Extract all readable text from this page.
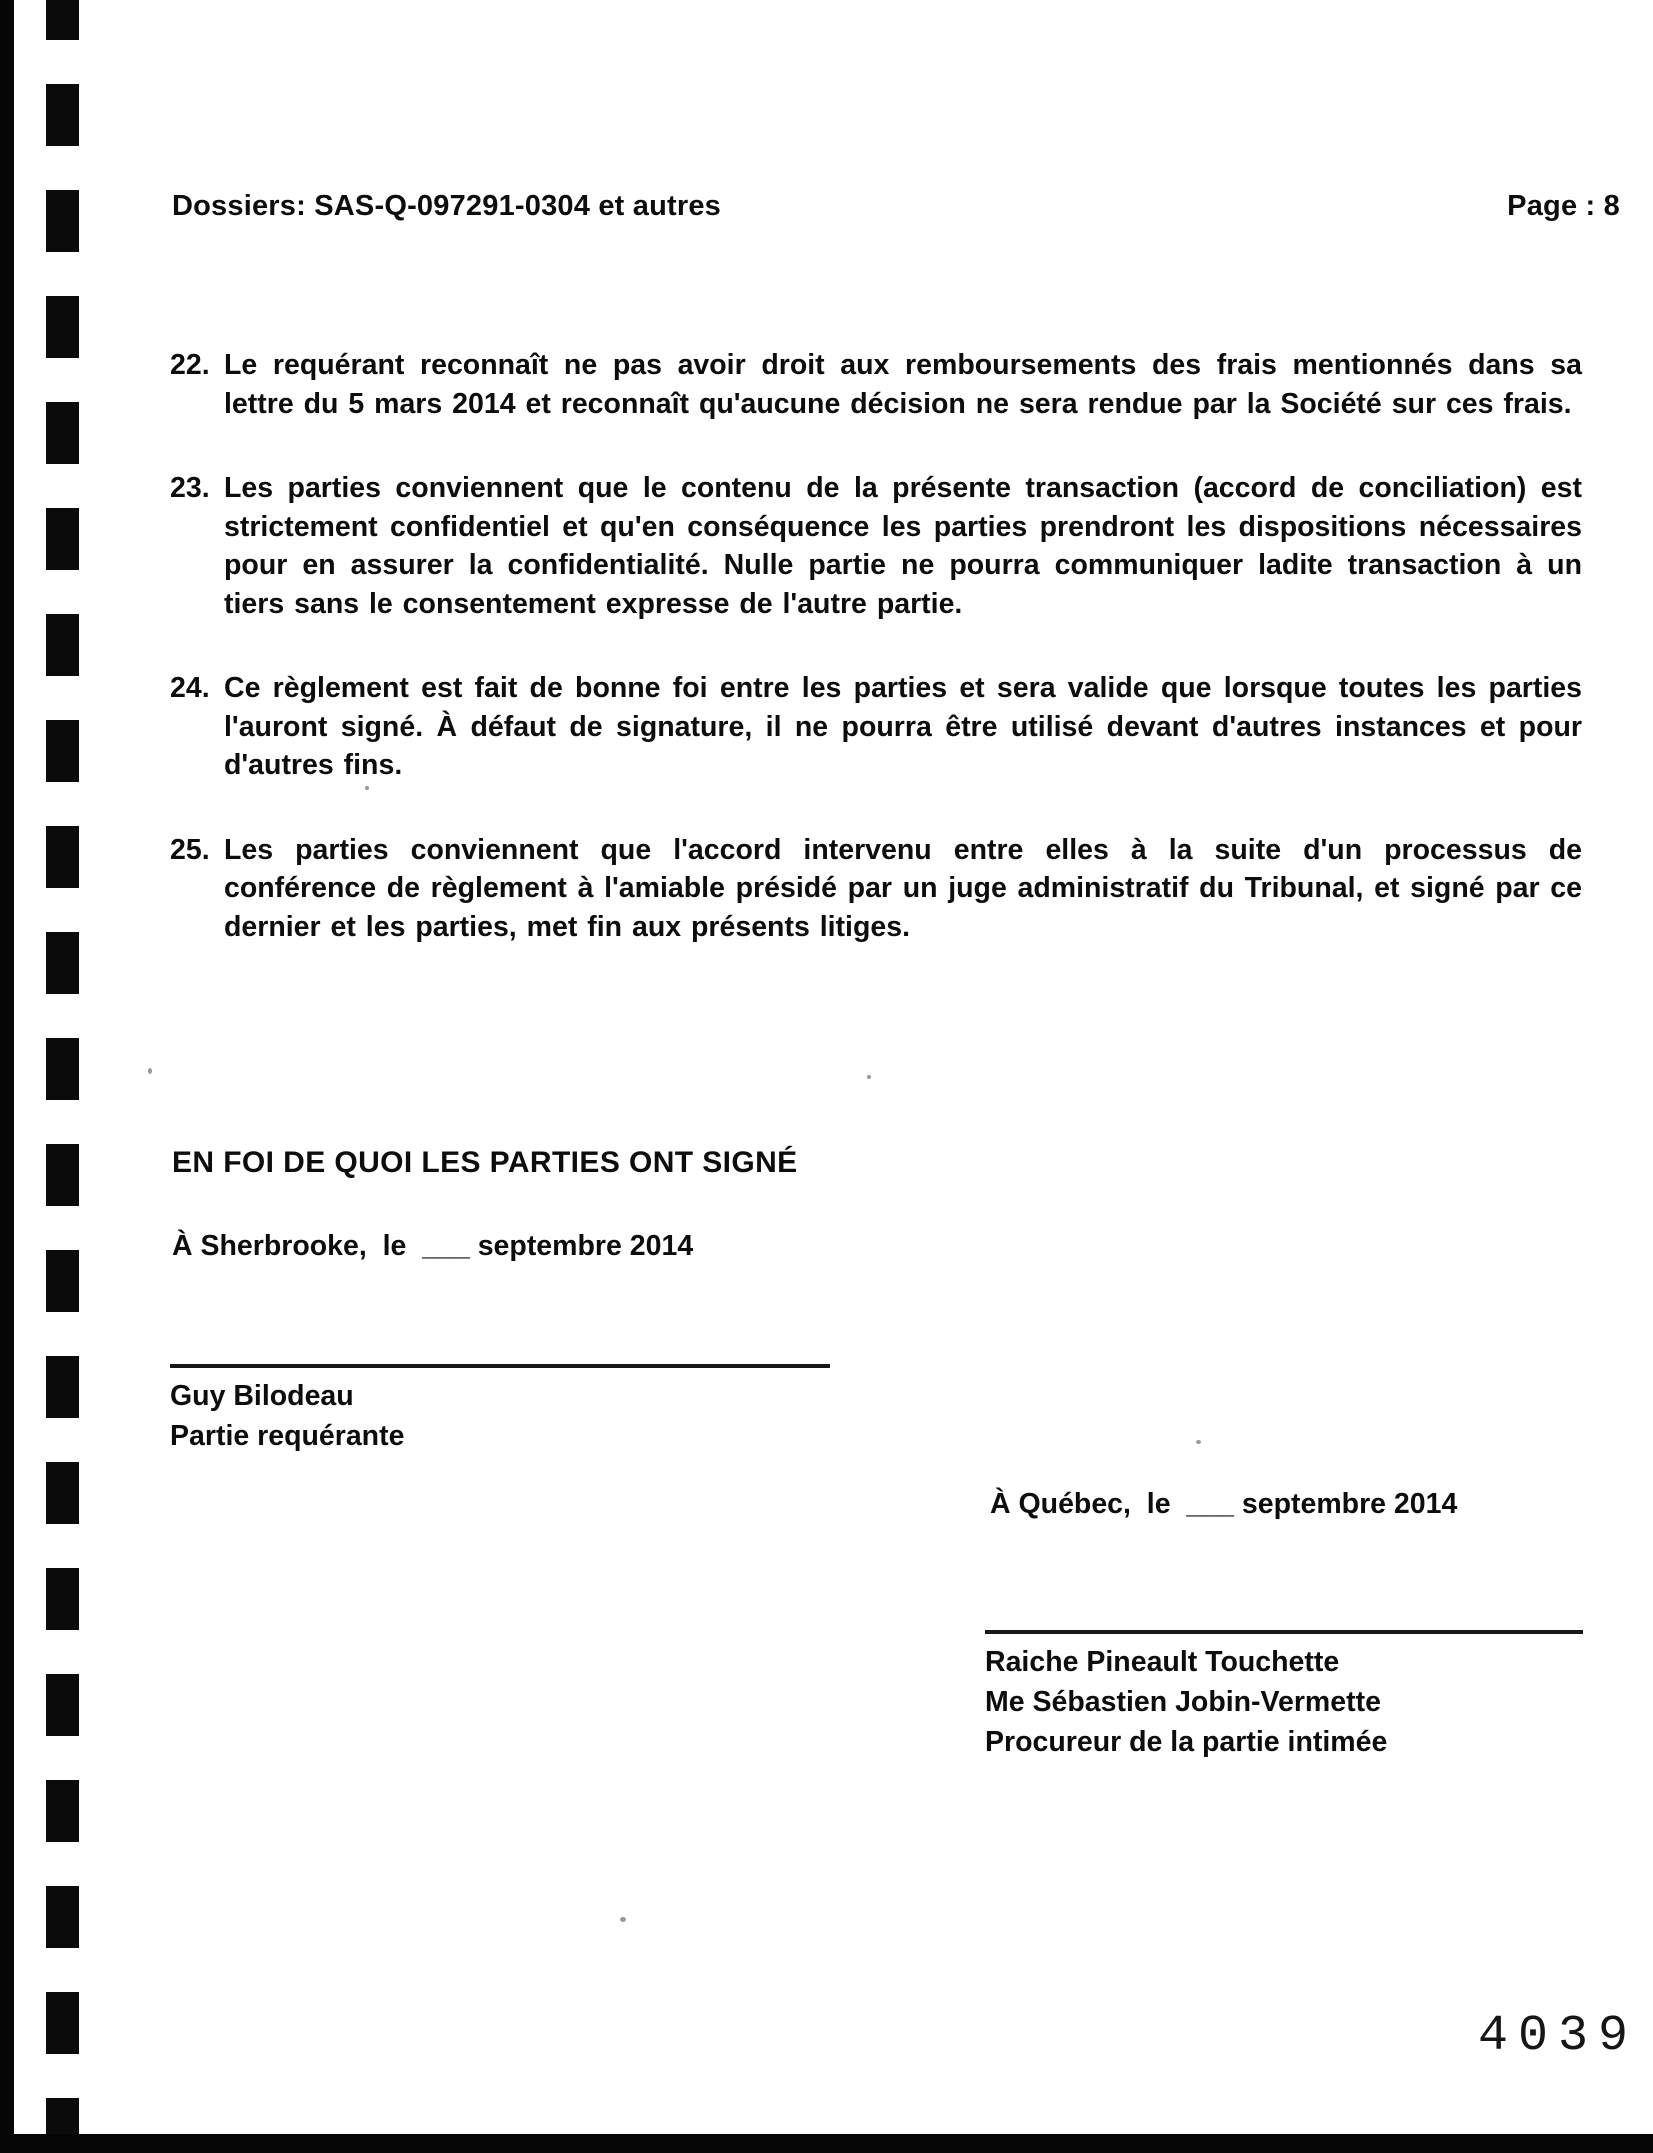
Dossiers: SAS-Q-097291-0304 et autres	Page : 8
22. Le requérant reconnaît ne pas avoir droit aux remboursements des frais mentionnés dans sa lettre du 5 mars 2014 et reconnaît qu'aucune décision ne sera rendue par la Société sur ces frais.
23. Les parties conviennent que le contenu de la présente transaction (accord de conciliation) est strictement confidentiel et qu'en conséquence les parties prendront les dispositions nécessaires pour en assurer la confidentialité. Nulle partie ne pourra communiquer ladite transaction à un tiers sans le consentement expresse de l'autre partie.
24. Ce règlement est fait de bonne foi entre les parties et sera valide que lorsque toutes les parties l'auront signé. À défaut de signature, il ne pourra être utilisé devant d'autres instances et pour d'autres fins.
25. Les parties conviennent que l'accord intervenu entre elles à la suite d'un processus de conférence de règlement à l'amiable présidé par un juge administratif du Tribunal, et signé par ce dernier et les parties, met fin aux présents litiges.
EN FOI DE QUOI LES PARTIES ONT SIGNÉ
À Sherbrooke,  le  ___ septembre 2014
Guy Bilodeau
Partie requérante
À Québec,  le  ___ septembre 2014
Raiche Pineault Touchette
Me Sébastien Jobin-Vermette
Procureur de la partie intimée
4039
